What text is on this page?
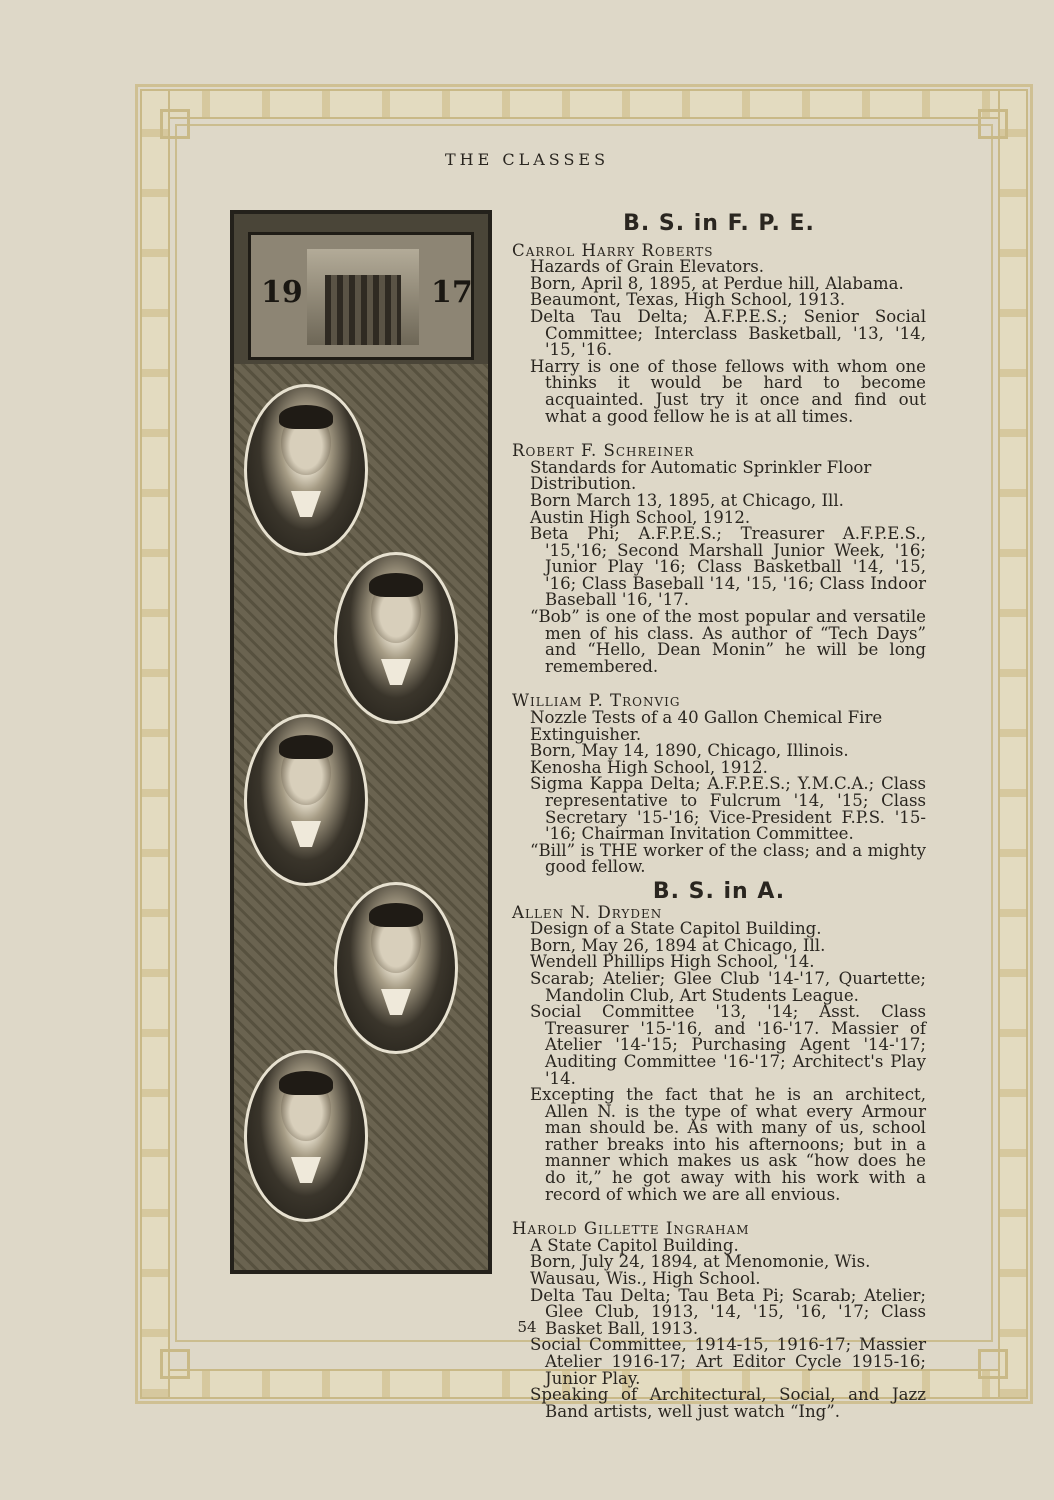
THE CLASSES
19	17
B. S. in F. P. E.
Carrol Harry Roberts
Hazards of Grain Elevators.
Born, April 8, 1895, at Perdue hill, Alabama.
Beaumont, Texas, High School, 1913.
Delta Tau Delta; A.F.P.E.S.; Senior Social Committee; Interclass Basketball, '13, '14, '15, '16.
Harry is one of those fellows with whom one thinks it would be hard to become acquainted. Just try it once and find out what a good fellow he is at all times.
Robert F. Schreiner
Standards for Automatic Sprinkler Floor Distribution.
Born March 13, 1895, at Chicago, Ill.
Austin High School, 1912.
Beta Phi; A.F.P.E.S.; Treasurer A.F.P.E.S., '15,'16; Second Marshall Junior Week, '16; Junior Play '16; Class Basketball '14, '15, '16; Class Baseball '14, '15, '16; Class Indoor Baseball '16, '17.
“Bob” is one of the most popular and versatile men of his class. As author of “Tech Days” and “Hello, Dean Monin” he will be long remembered.
William P. Tronvig
Nozzle Tests of a 40 Gallon Chemical Fire Extinguisher.
Born, May 14, 1890, Chicago, Illinois.
Kenosha High School, 1912.
Sigma Kappa Delta; A.F.P.E.S.; Y.M.C.A.; Class representative to Fulcrum '14, '15; Class Secretary '15-'16; Vice-President F.P.S. '15-'16; Chairman Invitation Committee.
“Bill” is THE worker of the class; and a mighty good fellow.
B. S. in A.
Allen N. Dryden
Design of a State Capitol Building.
Born, May 26, 1894 at Chicago, Ill.
Wendell Phillips High School, '14.
Scarab; Atelier; Glee Club '14-'17, Quartette; Mandolin Club, Art Students League.
Social Committee '13, '14; Asst. Class Treasurer '15-'16, and '16-'17. Massier of Atelier '14-'15; Purchasing Agent '14-'17; Auditing Committee '16-'17; Architect's Play '14.
Excepting the fact that he is an architect, Allen N. is the type of what every Armour man should be. As with many of us, school rather breaks into his afternoons; but in a manner which makes us ask “how does he do it,” he got away with his work with a record of which we are all envious.
Harold Gillette Ingraham
A State Capitol Building.
Born, July 24, 1894, at Menomonie, Wis.
Wausau, Wis., High School.
Delta Tau Delta; Tau Beta Pi; Scarab; Atelier; Glee Club, 1913, '14, '15, '16, '17; Class Basket Ball, 1913.
Social Committee, 1914-15, 1916-17; Massier Atelier 1916-17; Art Editor Cycle 1915-16; Junior Play.
Speaking of Architectural, Social, and Jazz Band artists, well just watch “Ing”.
54
